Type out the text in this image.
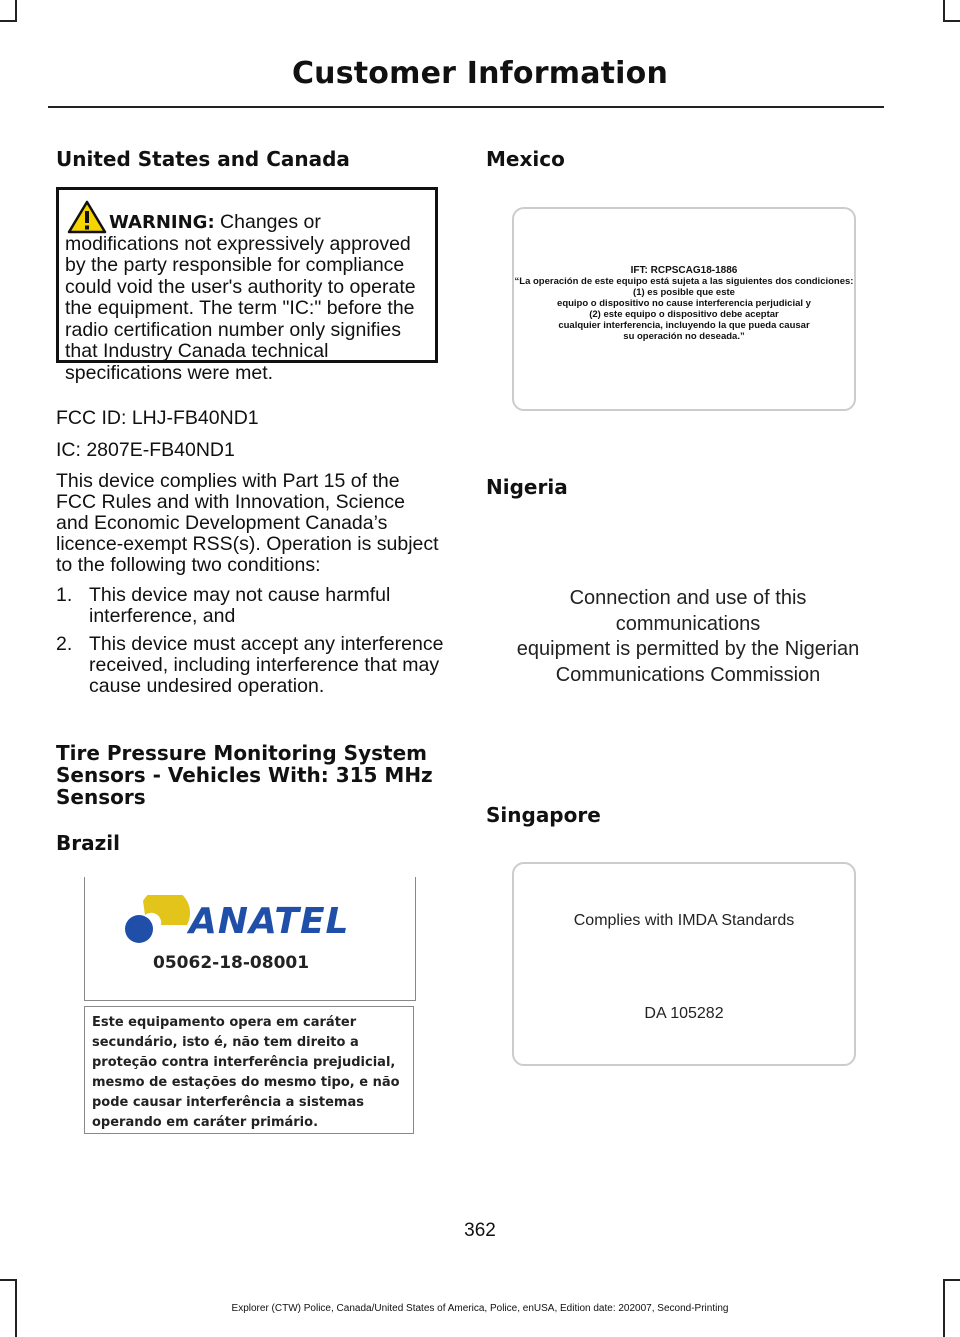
Customer Information
United States and Canada

WARNING: Changes or modifications not expressively approved by the party responsible for compliance could void the user's authority to operate the equipment. The term "IC:" before the radio certification number only signifies that Industry Canada technical specifications were met.

FCC ID: LHJ-FB40ND1
IC: 2807E-FB40ND1
This device complies with Part 15 of the FCC Rules and with Innovation, Science and Economic Development Canada’s licence-exempt RSS(s). Operation is subject to the following two conditions:
1. This device may not cause harmful interference, and
2. This device must accept any interference received, including interference that may cause undesired operation.
Tire Pressure Monitoring System Sensors - Vehicles With: 315 MHz Sensors
Brazil
ANATEL
05062-18-08001
Este equipamento opera em caráter secundário, isto é, não tem direito a proteção contra interferência prejudicial, mesmo de estações do mesmo tipo, e não pode causar interferência a sistemas operando em caráter primário.
Mexico
IFT: RCPSCAG18-1886
“La operación de este equipo está sujeta a las siguientes dos condiciones:
(1) es posible que este
equipo o dispositivo no cause interferencia perjudicial y
(2) este equipo o dispositivo debe aceptar
cualquier interferencia, incluyendo la que pueda causar
su operación no deseada.”
Nigeria
Connection and use of this
communications
equipment is permitted by the Nigerian
Communications Commission
Singapore
Complies with IMDA Standards
DA 105282
362
Explorer (CTW) Police, Canada/United States of America, Police, enUSA, Edition date: 202007, Second-Printing
